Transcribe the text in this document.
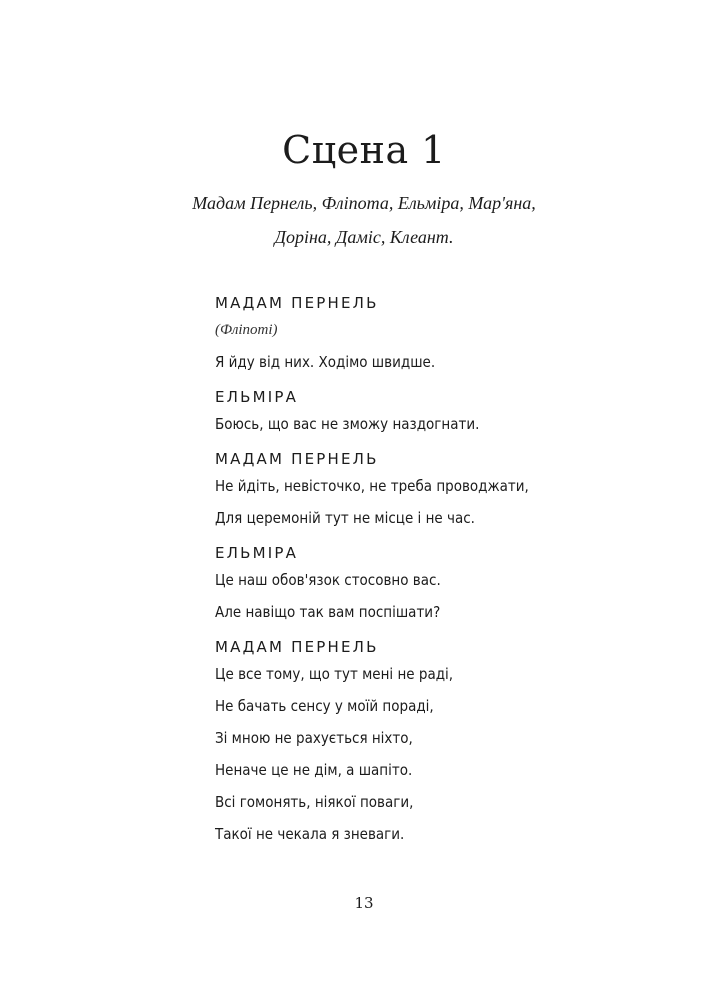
Сцена 1
Мадам Пернель, Фліпота, Ельміра, Мар'яна,
Доріна, Даміс, Клеант.
МАДАМ ПЕРНЕЛЬ
(Фліпоті)
Я йду від них. Ходімо швидше.
ЕЛЬМІРА
Боюсь, що вас не зможу наздогнати.
МАДАМ ПЕРНЕЛЬ
Не йдіть, невісточко, не треба проводжати,
Для церемоній тут не місце і не час.
ЕЛЬМІРА
Це наш обов'язок стосовно вас.
Але навіщо так вам поспішати?
МАДАМ ПЕРНЕЛЬ
Це все тому, що тут мені не раді,
Не бачать сенсу у моїй пораді,
Зі мною не рахується ніхто,
Неначе це не дім, а шапіто.
Всі гомонять, ніякої поваги,
Такої не чекала я зневаги.
13
